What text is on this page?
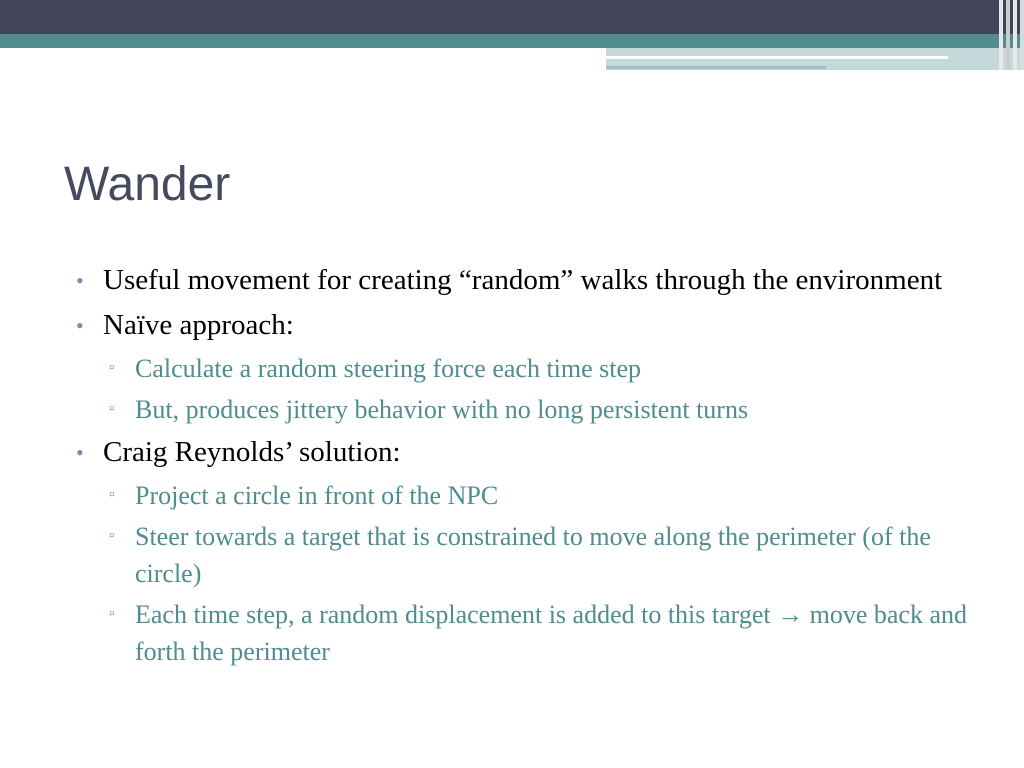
Wander
• Useful movement for creating “random” walks through the environment
• Naïve approach:
▫ Calculate a random steering force each time step
▫ But, produces jittery behavior with no long persistent turns
• Craig Reynolds’ solution:
▫ Project a circle in front of the NPC
▫ Steer towards a target that is constrained to move along the perimeter (of the circle)
▫ Each time step, a random displacement is added to this target → move back and forth the perimeter
